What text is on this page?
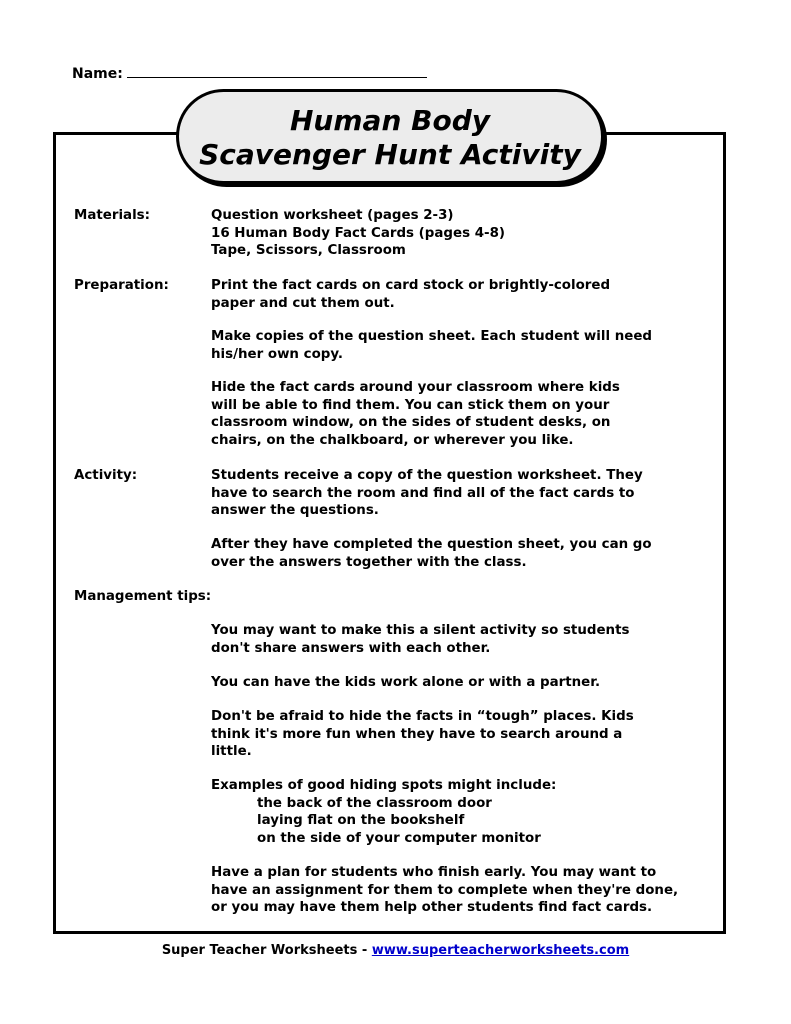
Name:
Human Body
Scavenger Hunt Activity
Materials:	Question worksheet (pages 2-3)
16 Human Body Fact Cards (pages 4-8)
Tape, Scissors, Classroom
Preparation:	Print the fact cards on card stock or brightly-colored
paper and cut them out.
Make copies of the question sheet. Each student will need
his/her own copy.
Hide the fact cards around your classroom where kids
will be able to find them. You can stick them on your
classroom window, on the sides of student desks, on
chairs, on the chalkboard, or wherever you like.
Activity:	Students receive a copy of the question worksheet. They
have to search the room and find all of the fact cards to
answer the questions.
After they have completed the question sheet, you can go
over the answers together with the class.
Management tips:
You may want to make this a silent activity so students
don't share answers with each other.
You can have the kids work alone or with a partner.
Don't be afraid to hide the facts in “tough” places. Kids
think it's more fun when they have to search around a
little.
Examples of good hiding spots might include:
the back of the classroom door
laying flat on the bookshelf
on the side of your computer monitor
Have a plan for students who finish early. You may want to
have an assignment for them to complete when they're done,
or you may have them help other students find fact cards.
Super Teacher Worksheets - www.superteacherworksheets.com
